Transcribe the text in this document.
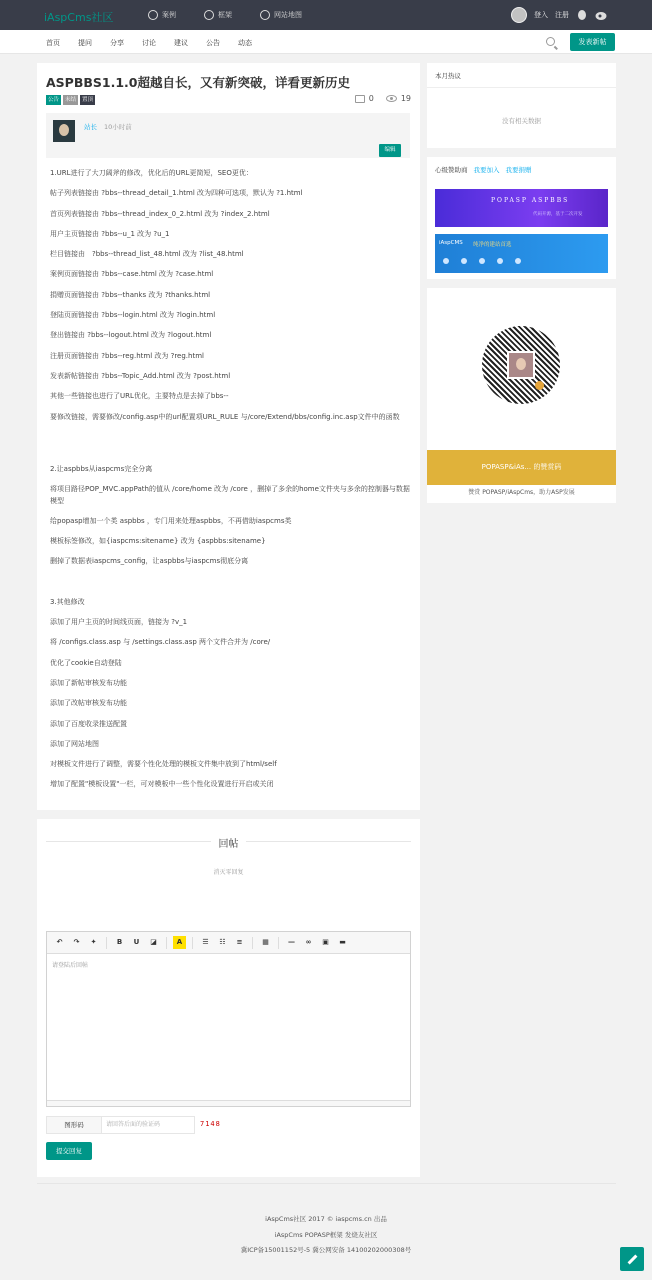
iAspCms社区	案例	框架	网站地图	登入 注册
首页	提问	分享	讨论	建议	公告	动态	发表新帖
ASPBBS1.1.0超越自长，又有新突破，详看更新历史
公告	未结	置顶	0	19
站长 10小时前
编辑

1.URL进行了大刀阔斧的修改，优化后的URL更简短，SEO更优：

帖子列表链接由 ?bbs--thread_detail_1.html 改为四种可选项，默认为 ?1.html

首页列表链接由 ?bbs--thread_index_0_2.html 改为 ?index_2.html

用户主页链接由 ?bbs--u_1 改为 ?u_1

栏目链接由　?bbs--thread_list_48.html 改为 ?list_48.html

案例页面链接由 ?bbs--case.html 改为 ?case.html

捐赠页面链接由 ?bbs--thanks 改为 ?thanks.html

登陆页面链接由 ?bbs--login.html 改为 ?login.html

登出链接由 ?bbs--logout.html 改为 ?logout.html

注册页面链接由 ?bbs--reg.html 改为 ?reg.html

发表新帖链接由 ?bbs--Topic_Add.html 改为 ?post.html

其他一些链接也进行了URL优化，主要特点是去掉了bbs--

要修改链接，需要修改/config.asp中的url配置项URL_RULE 与/core/Extend/bbs/config.inc.asp文件中的函数

2.让aspbbs从iaspcms完全分离

将项目路径POP_MVC.appPath的值从 /core/home 改为 /core ，删掉了多余的home文件夹与多余的控制器与数据模型

给popasp增加一个类 aspbbs ，专门用来处理aspbbs，不再借助iaspcms类

模板标签修改，如{iaspcms:sitename} 改为 {aspbbs:sitename}

删掉了数据表iaspcms_config，让aspbbs与iaspcms彻底分离

3.其他修改

添加了用户主页的时间线页面，链接为 ?v_1

将 /configs.class.asp 与 /settings.class.asp 两个文件合并为 /core/

优化了cookie自动登陆

添加了新帖审核发布功能

添加了改帖审核发布功能

添加了百度收录推送配置

添加了网站地图

对模板文件进行了调整，需要个性化处理的模板文件集中放到了html/self

增加了配置"模板设置"一栏，可对模板中一些个性化设置进行开启或关闭

回帖
消灭零回复
↶	↷	✦	B	U	◪	A	☰	☷	≡	▦	—	∞	▣	▬
请登陆后回帖
图形码	请回答后面的验证码	7148
提交回复
本月热议
没有相关数据
心级赞助商 我要加入 我要捐赠
POPASP ASPBBS
代码开源，基于二次开发
iAspCMS 纯净的建站首选
POPASP&iAs... 的赞赏码
赞赏 POPASP/iAspCms，助力ASP发展
iAspCms社区 2017 © iaspcms.cn 出品
iAspCms POPASP框架 发烧友社区
冀ICP备15001152号-5 冀公网安备 14100202000308号
